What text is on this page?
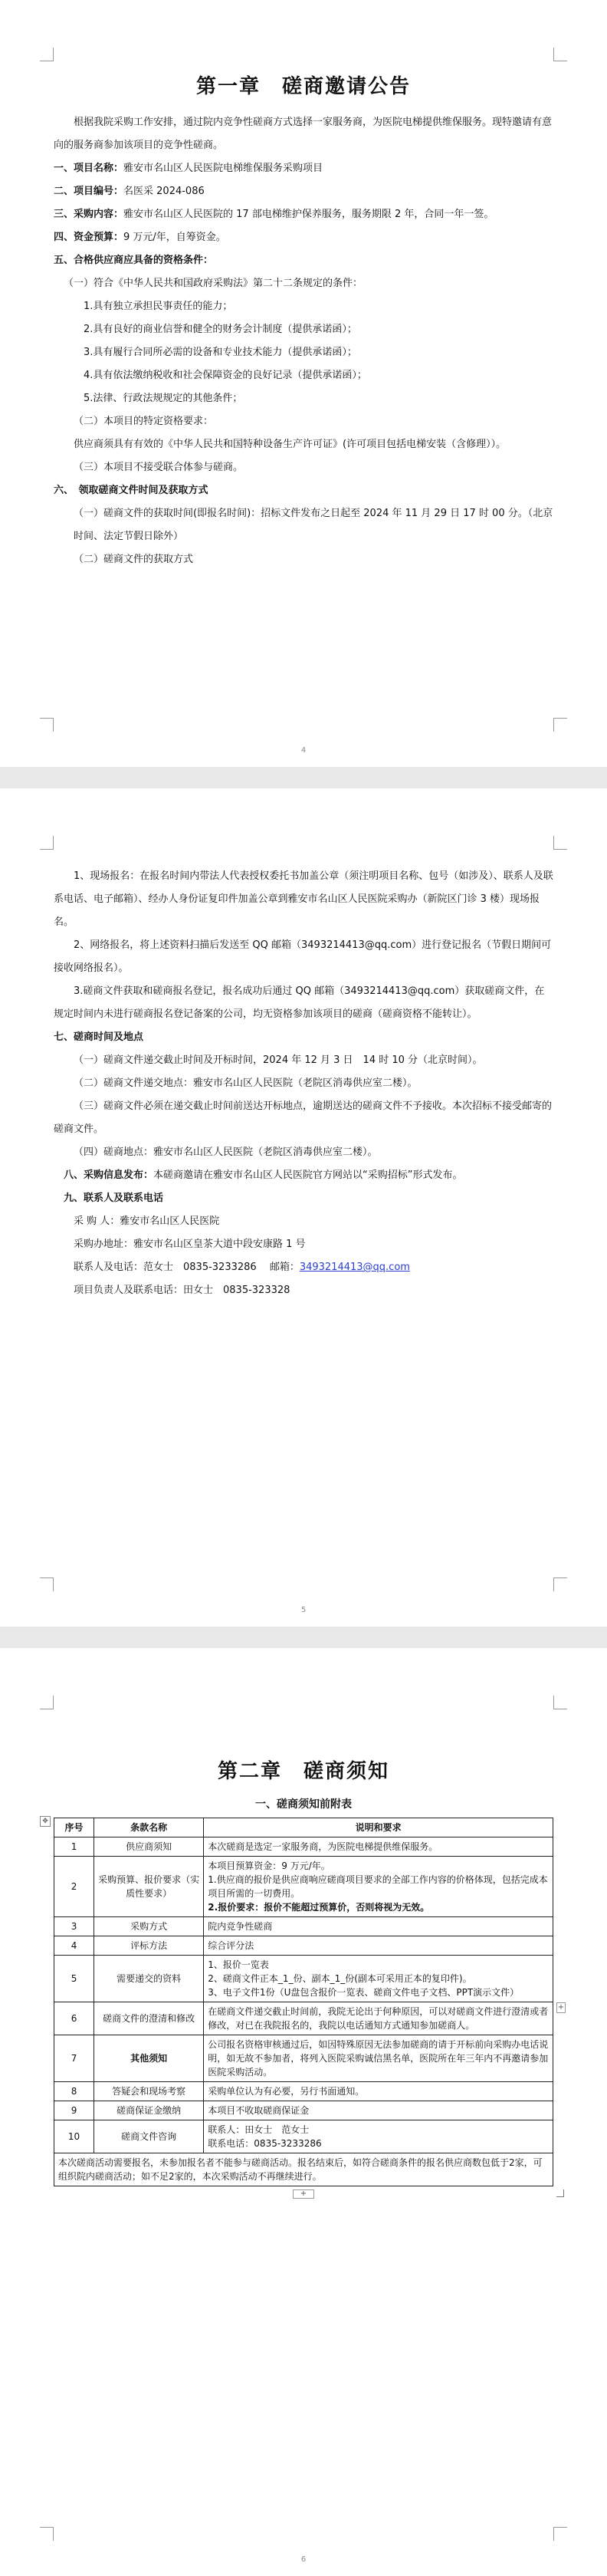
第一章　磋商邀请公告

根据我院采购工作安排，通过院内竞争性磋商方式选择一家服务商，为医院电梯提供维保服务。现特邀请有意向的服务商参加该项目的竞争性磋商。

一、项目名称：雅安市名山区人民医院电梯维保服务采购项目

二、项目编号：名医采 2024-086

三、采购内容：雅安市名山区人民医院的 17 部电梯维护保养服务，服务期限 2 年，合同一年一签。

四、资金预算：9 万元/年，自筹资金。

五、合格供应商应具备的资格条件：

（一）符合《中华人民共和国政府采购法》第二十二条规定的条件：

1.具有独立承担民事责任的能力；

2.具有良好的商业信誉和健全的财务会计制度（提供承诺函）；

3.具有履行合同所必需的设备和专业技术能力（提供承诺函）；

4.具有依法缴纳税收和社会保障资金的良好记录（提供承诺函）；

5.法律、行政法规规定的其他条件；

（二）本项目的特定资格要求：

供应商须具有有效的《中华人民共和国特种设备生产许可证》(许可项目包括电梯安装（含修理））。

（三）本项目不接受联合体参与磋商。

六、　领取磋商文件时间及获取方式

（一）磋商文件的获取时间(即报名时间)：招标文件发布之日起至 2024 年 11 月 29 日 17 时 00 分。（北京时间、法定节假日除外）

（二）磋商文件的获取方式

4

1、现场报名：在报名时间内带法人代表授权委托书加盖公章（须注明项目名称、包号（如涉及）、联系人及联系电话、电子邮箱）、经办人身份证复印件加盖公章到雅安市名山区人民医院采购办（新院区门诊 3 楼）现场报名。

2、网络报名，将上述资料扫描后发送至 QQ 邮箱（3493214413@qq.com）进行登记报名（节假日期间可接收网络报名）。

3.磋商文件获取和磋商报名登记，报名成功后通过 QQ 邮箱（3493214413@qq.com）获取磋商文件，在规定时间内未进行磋商报名登记备案的公司，均无资格参加该项目的磋商（磋商资格不能转让）。

七、磋商时间及地点

（一）磋商文件递交截止时间及开标时间，2024 年 12 月 3 日　14 时 10 分（北京时间）。

（二）磋商文件递交地点：雅安市名山区人民医院（老院区消毒供应室二楼）。

（三）磋商文件必须在递交截止时间前送达开标地点，逾期送达的磋商文件不予接收。本次招标不接受邮寄的磋商文件。

（四）磋商地点：雅安市名山区人民医院（老院区消毒供应室二楼）。

八、采购信息发布：本磋商邀请在雅安市名山区人民医院官方网站以“采购招标”形式发布。

九、联系人及联系电话

采 购 人：雅安市名山区人民医院

采购办地址：雅安市名山区皇茶大道中段安康路 1 号

联系人及电话：范女士　0835-3233286　 邮箱：3493214413@qq.com

项目负责人及联系电话：田女士　0835-323328

5
第二章　磋商须知
一、磋商须知前附表
✥
序号	条款名称	说明和要求
1	供应商须知	本次磋商是选定一家服务商，为医院电梯提供维保服务。

2	采购预算、报价要求（实质性要求）	本项目预算资金：9 万元/年。
1.供应商的报价是供应商响应磋商项目要求的全部工作内容的价格体现，包括完成本项目所需的一切费用。
2.报价要求：报价不能超过预算价，否则将视为无效。

3	采购方式	院内竞争性磋商

4	评标方法	综合评分法

5	需要递交的资料	1、报价一览表
2、磋商文件正本_1_份、副本_1_份(副本可采用正本的复印件)。
3、电子文件1份（U盘包含报价一览表、磋商文件电子文档、PPT演示文件）

6	磋商文件的澄清和修改	在磋商文件递交截止时间前，我院无论出于何种原因，可以对磋商文件进行澄清或者修改，对已在我院报名的，我院以电话通知方式通知参加磋商人。

7	其他须知	公司报名资格审核通过后，如因特殊原因无法参加磋商的请于开标前向采购办电话说明，如无故不参加者，将列入医院采购诚信黑名单，医院所在年三年内不再邀请参加医院采购活动。

8	答疑会和现场考察	采购单位认为有必要，另行书面通知。

9	磋商保证金缴纳	本项目不收取磋商保证金

10	磋商文件咨询	联系人：田女士　范女士
联系电话：0835-3233286

本次磋商活动需要报名，未参加报名者不能参与磋商活动。报名结束后，如符合磋商条件的报名供应商数包低于2家，可组织院内磋商活动；如不足2家的，本次采购活动不再继续进行。		
+
+
6
